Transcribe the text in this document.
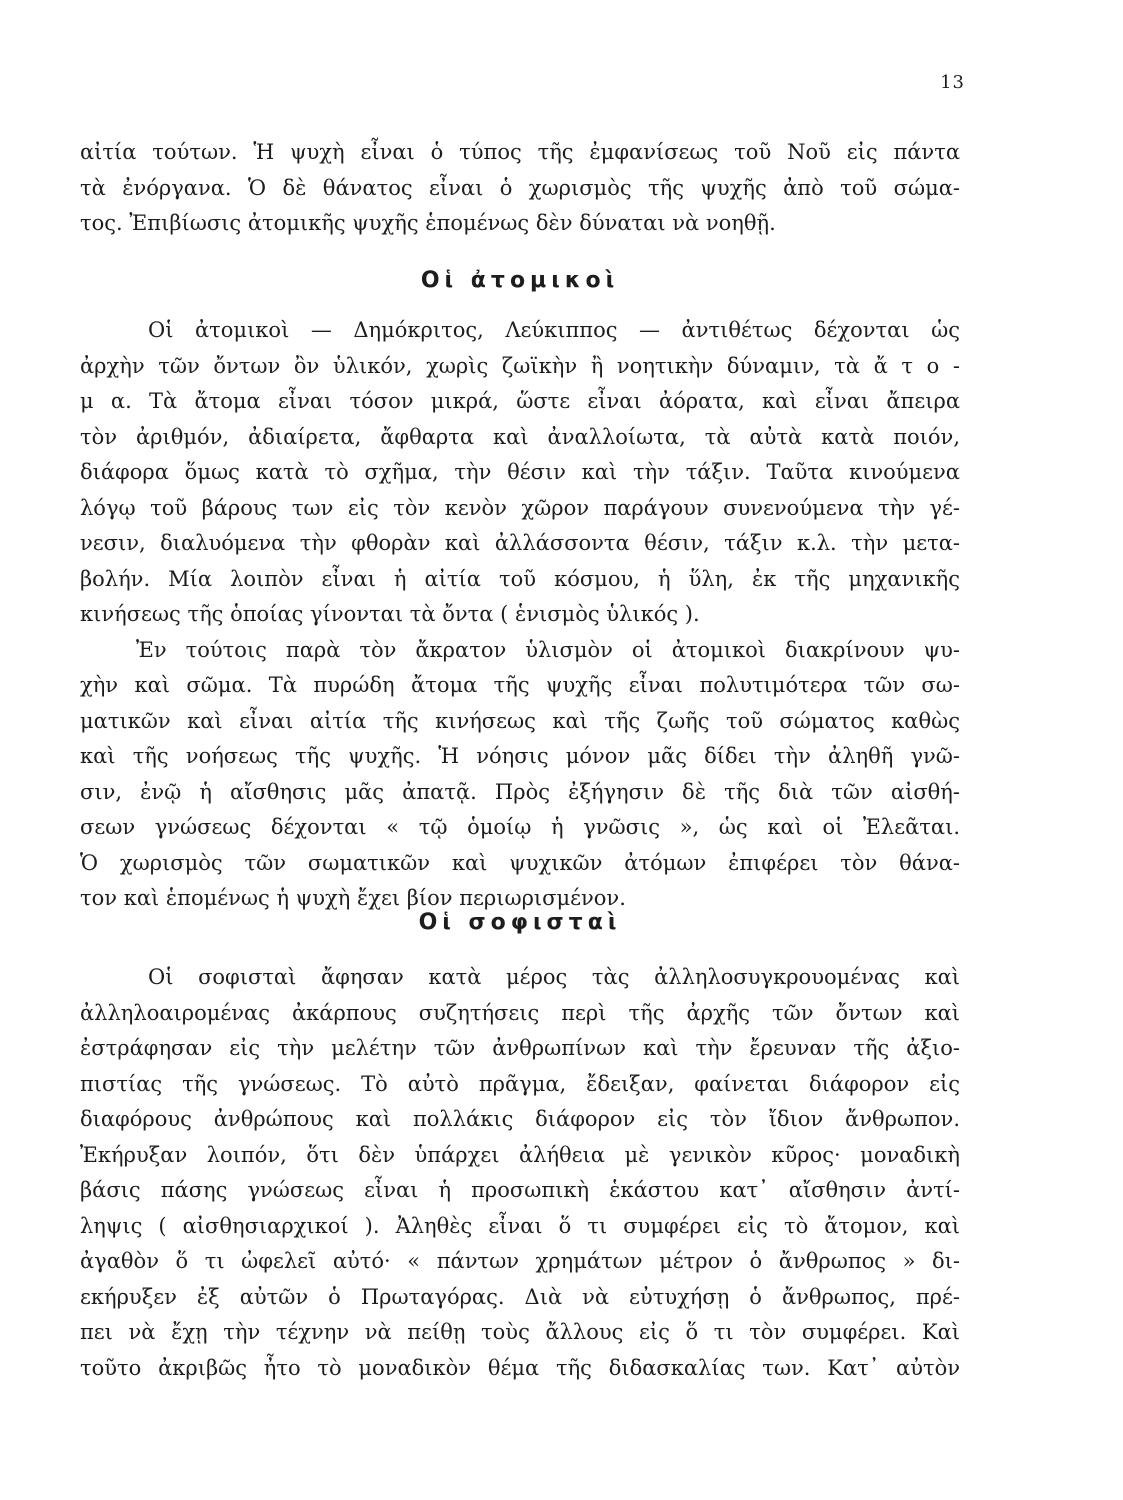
13
αἰτία τούτων. Ἡ ψυχὴ εἶναι ὁ τύπος τῆς ἐμφανίσεως τοῦ Νοῦ εἰς πάντα
τὰ ἐνόργανα. Ὁ δὲ θάνατος εἶναι ὁ χωρισμὸς τῆς ψυχῆς ἀπὸ τοῦ σώμα-
τος. Ἐπιβίωσις ἀτομικῆς ψυχῆς ἑπομένως δὲν δύναται νὰ νοηθῇ.
Οἱ ἀτομικοὶ
Οἱ ἀτομικοὶ — Δημόκριτος, Λεύκιππος — ἀντιθέτως δέχονται ὡς
ἀρχὴν τῶν ὄντων ὂν ὑλικόν, χωρὶς ζωϊκὴν ἢ νοητικὴν δύναμιν, τὰ ἄ τ ο -
μ α. Τὰ ἄτομα εἶναι τόσον μικρά, ὥστε εἶναι ἀόρατα, καὶ εἶναι ἄπειρα
τὸν ἀριθμόν, ἀδιαίρετα, ἄφθαρτα καὶ ἀναλλοίωτα, τὰ αὐτὰ κατὰ ποιόν,
διάφορα ὅμως κατὰ τὸ σχῆμα, τὴν θέσιν καὶ τὴν τάξιν. Ταῦτα κινούμενα
λόγῳ τοῦ βάρους των εἰς τὸν κενὸν χῶρον παράγουν συνενούμενα τὴν γέ-
νεσιν, διαλυόμενα τὴν φθορὰν καὶ ἀλλάσσοντα θέσιν, τάξιν κ.λ. τὴν μετα-
βολήν. Μία λοιπὸν εἶναι ἡ αἰτία τοῦ κόσμου, ἡ ὕλη, ἐκ τῆς μηχανικῆς
κινήσεως τῆς ὁποίας γίνονται τὰ ὄντα ( ἑνισμὸς ὑλικός ).
Ἐν τούτοις παρὰ τὸν ἄκρατον ὑλισμὸν οἱ ἀτομικοὶ διακρίνουν ψυ-
χὴν καὶ σῶμα. Τὰ πυρώδη ἄτομα τῆς ψυχῆς εἶναι πολυτιμότερα τῶν σω-
ματικῶν καὶ εἶναι αἰτία τῆς κινήσεως καὶ τῆς ζωῆς τοῦ σώματος καθὼς
καὶ τῆς νοήσεως τῆς ψυχῆς. Ἡ νόησις μόνον μᾶς δίδει τὴν ἀληθῆ γνῶ-
σιν, ἐνῷ ἡ αἴσθησις μᾶς ἀπατᾷ. Πρὸς ἐξήγησιν δὲ τῆς διὰ τῶν αἰσθή-
σεων γνώσεως δέχονται « τῷ ὁμοίῳ ἡ γνῶσις », ὡς καὶ οἱ Ἐλεᾶται.
Ὁ χωρισμὸς τῶν σωματικῶν καὶ ψυχικῶν ἀτόμων ἐπιφέρει τὸν θάνα-
τον καὶ ἑπομένως ἡ ψυχὴ ἔχει βίον περιωρισμένον.
Οἱ σοφισταὶ
Οἱ σοφισταὶ ἄφησαν κατὰ μέρος τὰς ἀλληλοσυγκρουομένας καὶ
ἀλληλοαιρομένας ἀκάρπους συζητήσεις περὶ τῆς ἀρχῆς τῶν ὄντων καὶ
ἐστράφησαν εἰς τὴν μελέτην τῶν ἀνθρωπίνων καὶ τὴν ἔρευναν τῆς ἀξιο-
πιστίας τῆς γνώσεως. Τὸ αὐτὸ πρᾶγμα, ἔδειξαν, φαίνεται διάφορον εἰς
διαφόρους ἀνθρώπους καὶ πολλάκις διάφορον εἰς τὸν ἴδιον ἄνθρωπον.
Ἐκήρυξαν λοιπόν, ὅτι δὲν ὑπάρχει ἀλήθεια μὲ γενικὸν κῦρος· μοναδικὴ
βάσις πάσης γνώσεως εἶναι ἡ προσωπικὴ ἑκάστου κατ᾽ αἴσθησιν ἀντί-
ληψις ( αἰσθησιαρχικοί ). Ἀληθὲς εἶναι ὅ τι συμφέρει εἰς τὸ ἄτομον, καὶ
ἀγαθὸν ὅ τι ὠφελεῖ αὐτό· « πάντων χρημάτων μέτρον ὁ ἄνθρωπος » δι-
εκήρυξεν ἐξ αὐτῶν ὁ Πρωταγόρας. Διὰ νὰ εὐτυχήσῃ ὁ ἄνθρωπος, πρέ-
πει νὰ ἔχῃ τὴν τέχνην νὰ πείθῃ τοὺς ἄλλους εἰς ὅ τι τὸν συμφέρει. Καὶ
τοῦτο ἀκριβῶς ἦτο τὸ μοναδικὸν θέμα τῆς διδασκαλίας των. Κατ᾽ αὐτὸν
